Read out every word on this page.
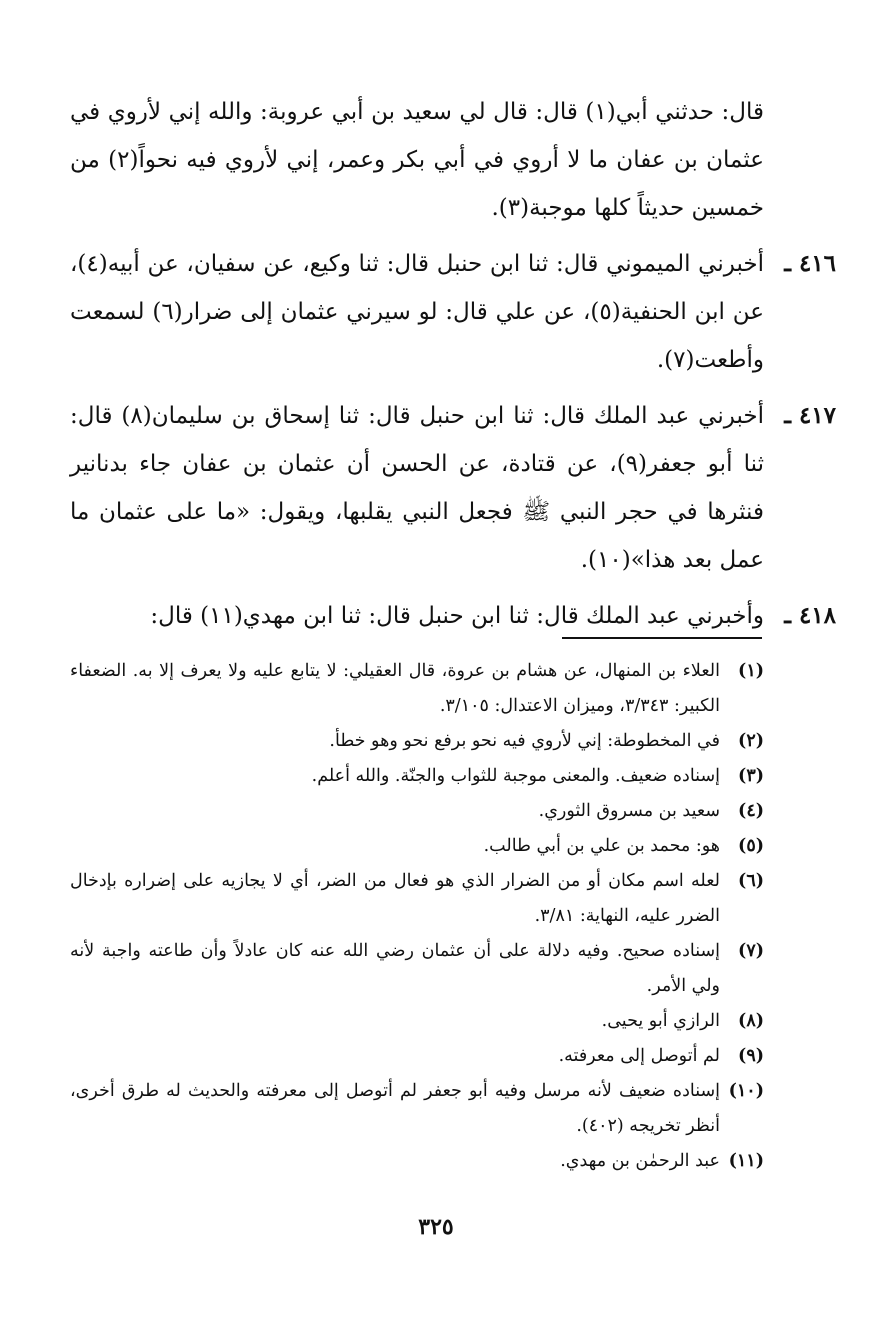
قال: حدثني أبي(١) قال: قال لي سعيد بن أبي عروبة: والله إني لأروي في عثمان بن عفان ما لا أروي في أبي بكر وعمر، إني لأروي فيه نحواً(٢) من خمسين حديثاً كلها موجبة(٣).

٤١٦ ـ
أخبرني الميموني قال: ثنا ابن حنبل قال: ثنا وكيع، عن سفيان، عن أبيه(٤)، عن ابن الحنفية(٥)، عن علي قال: لو سيرني عثمان إلى ضرار(٦) لسمعت وأطعت(٧).
٤١٧ ـ
أخبرني عبد الملك قال: ثنا ابن حنبل قال: ثنا إسحاق بن سليمان(٨) قال: ثنا أبو جعفر(٩)، عن قتادة، عن الحسن أن عثمان بن عفان جاء بدنانير فنثرها في حجر النبي ﷺ فجعل النبي يقلبها، ويقول: «ما على عثمان ما عمل بعد هذا»(١٠).
٤١٨ ـ
وأخبرني عبد الملك قال: ثنا ابن حنبل قال: ثنا ابن مهدي(١١) قال:
(١)
العلاء بن المنهال، عن هشام بن عروة، قال العقيلي: لا يتابع عليه ولا يعرف إلا به. الضعفاء الكبير: ٣/٣٤٣، وميزان الاعتدال: ٣/١٠٥.
(٢)
في المخطوطة: إني لأروي فيه نحو برفع نحو وهو خطأ.
(٣)
إسناده ضعيف. والمعنى موجبة للثواب والجنّة. والله أعلم.
(٤)
سعيد بن مسروق الثوري.
(٥)
هو: محمد بن علي بن أبي طالب.
(٦)
لعله اسم مكان أو من الضرار الذي هو فعال من الضر، أي لا يجازيه على إضراره بإدخال الضرر عليه، النهاية: ٣/٨١.
(٧)
إسناده صحيح. وفيه دلالة على أن عثمان رضي الله عنه كان عادلاً وأن طاعته واجبة لأنه ولي الأمر.
(٨)
الرازي أبو يحيى.
(٩)
لم أتوصل إلى معرفته.
(١٠)
إسناده ضعيف لأنه مرسل وفيه أبو جعفر لم أتوصل إلى معرفته والحديث له طرق أخرى، أنظر تخريجه (٤٠٢).
(١١)
عبد الرحمٰن بن مهدي.
٣٢٥
